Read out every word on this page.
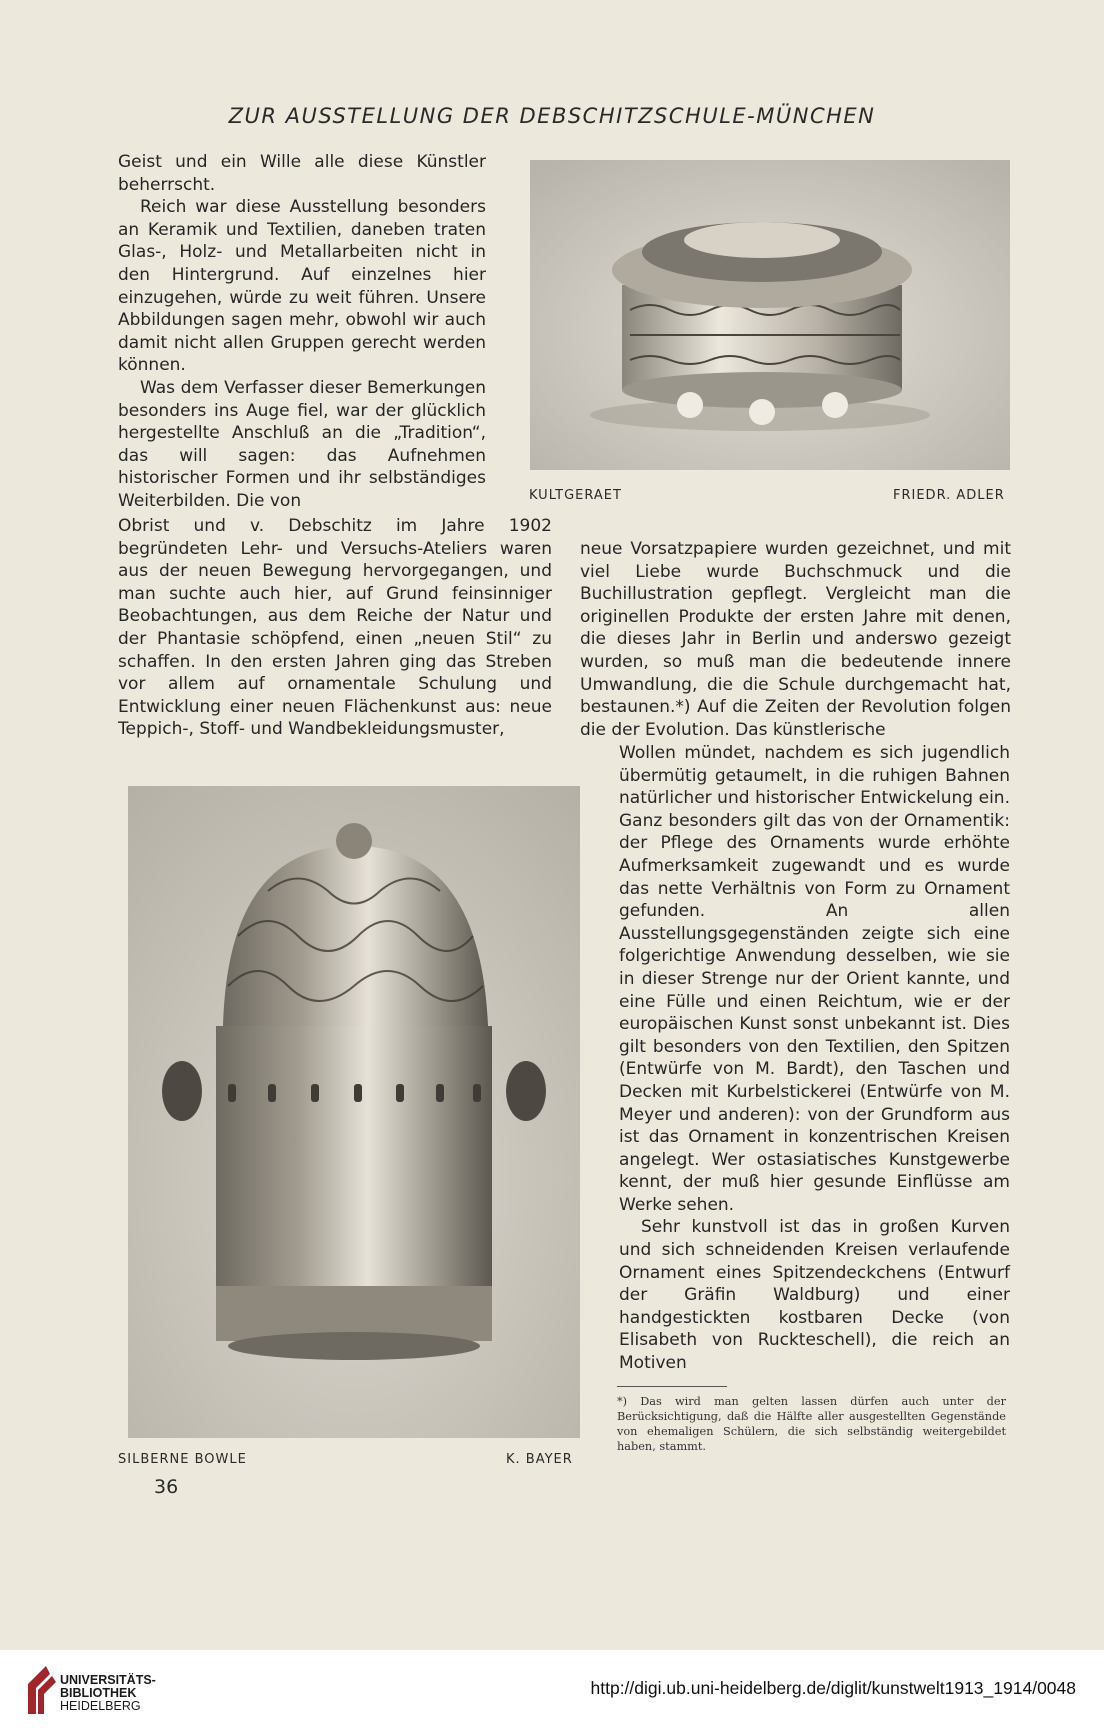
ZUR AUSSTELLUNG DER DEBSCHITZSCHULE-MÜNCHEN

Geist und ein Wille alle diese Künstler beherrscht.

Reich war diese Ausstellung besonders an Keramik und Textilien, daneben traten Glas-, Holz- und Metallarbeiten nicht in den Hintergrund. Auf einzelnes hier einzugehen, würde zu weit führen. Unsere Abbildungen sagen mehr, obwohl wir auch damit nicht allen Gruppen gerecht werden können.

Was dem Verfasser dieser Bemerkungen besonders ins Auge fiel, war der glücklich hergestellte Anschluß an die „Tradition“, das will sagen: das Aufnehmen historischer Formen und ihr selbständiges Weiterbilden. Die von	KULTGERAET	FRIEDR. ADLER

Obrist und v. Debschitz im Jahre 1902 begründeten Lehr- und Versuchs-Ateliers waren aus der neuen Bewegung hervorgegangen, und man suchte auch hier, auf Grund feinsinniger Beobachtungen, aus dem Reiche der Natur und der Phantasie schöpfend, einen „neuen Stil“ zu schaffen. In den ersten Jahren ging das Streben vor allem auf ornamentale Schulung und Entwicklung einer neuen Flächenkunst aus: neue Teppich-, Stoff- und Wandbekleidungsmuster,

neue Vorsatzpapiere wurden gezeichnet, und mit viel Liebe wurde Buchschmuck und die Buchillustration gepflegt. Vergleicht man die originellen Produkte der ersten Jahre mit denen, die dieses Jahr in Berlin und anderswo gezeigt wurden, so muß man die bedeutende innere Umwandlung, die die Schule durchgemacht hat, bestaunen.*) Auf die Zeiten der Revolution folgen die der Evolution. Das künstlerische

SILBERNE BOWLE	K. BAYER

Wollen mündet, nachdem es sich jugendlich übermütig getaumelt, in die ruhigen Bahnen natürlicher und historischer Entwickelung ein. Ganz besonders gilt das von der Ornamentik: der Pflege des Ornaments wurde erhöhte Aufmerksamkeit zugewandt und es wurde das nette Verhältnis von Form zu Ornament gefunden. An allen Ausstellungsgegenständen zeigte sich eine folgerichtige Anwendung desselben, wie sie in dieser Strenge nur der Orient kannte, und eine Fülle und einen Reichtum, wie er der europäischen Kunst sonst unbekannt ist. Dies gilt besonders von den Textilien, den Spitzen (Entwürfe von M. Bardt), den Taschen und Decken mit Kurbelstickerei (Entwürfe von M. Meyer und anderen): von der Grundform aus ist das Ornament in konzentrischen Kreisen angelegt. Wer ostasiatisches Kunstgewerbe kennt, der muß hier gesunde Einflüsse am Werke sehen.

Sehr kunstvoll ist das in großen Kurven und sich schneidenden Kreisen verlaufende Ornament eines Spitzendeckchens (Entwurf der Gräfin Waldburg) und einer handgestickten kostbaren Decke (von Elisabeth von Ruckteschell), die reich an Motiven

*) Das wird man gelten lassen dürfen auch unter der Berücksichtigung, daß die Hälfte aller ausgestellten Gegenstände von ehemaligen Schülern, die sich selbständig weitergebildet haben, stammt.
36
UNIVERSITÄTS-
BIBLIOTHEK
HEIDELBERG
http://digi.ub.uni-heidelberg.de/diglit/kunstwelt1913_1914/0048
